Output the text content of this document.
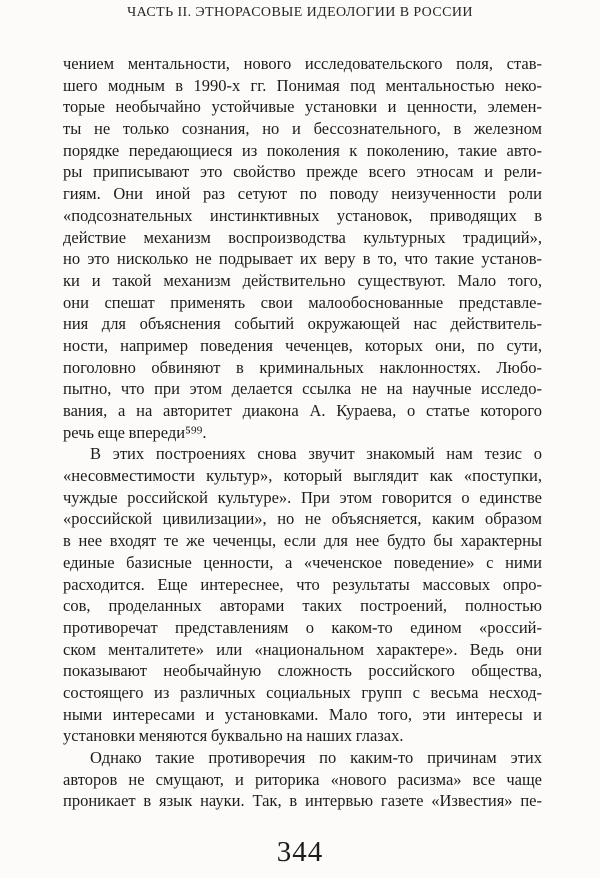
ЧАСТЬ II. ЭТНОРАСОВЫЕ ИДЕОЛОГИИ В РОССИИ
чением ментальности, нового исследовательского поля, став-
шего модным в 1990-х гг. Понимая под ментальностью неко-
торые необычайно устойчивые установки и ценности, элемен-
ты не только сознания, но и бессознательного, в железном
порядке передающиеся из поколения к поколению, такие авто-
ры приписывают это свойство прежде всего этносам и рели-
гиям. Они иной раз сетуют по поводу неизученности роли
«подсознательных инстинктивных установок, приводящих в
действие механизм воспроизводства культурных традиций»,
но это нисколько не подрывает их веру в то, что такие установ-
ки и такой механизм действительно существуют. Мало того,
они спешат применять свои малообоснованные представле-
ния для объяснения событий окружающей нас действитель-
ности, например поведения чеченцев, которых они, по сути,
поголовно обвиняют в криминальных наклонностях. Любо-
пытно, что при этом делается ссылка не на научные исследо-
вания, а на авторитет диакона А. Кураева, о статье которого
речь еще впереди⁵⁹⁹.
В этих построениях снова звучит знакомый нам тезис о
«несовместимости культур», который выглядит как «поступки,
чуждые российской культуре». При этом говорится о единстве
«российской цивилизации», но не объясняется, каким образом
в нее входят те же чеченцы, если для нее будто бы характерны
единые базисные ценности, а «чеченское поведение» с ними
расходится. Еще интереснее, что результаты массовых опро-
сов, проделанных авторами таких построений, полностью
противоречат представлениям о каком-то едином «россий-
ском менталитете» или «национальном характере». Ведь они
показывают необычайную сложность российского общества,
состоящего из различных социальных групп с весьма несход-
ными интересами и установками. Мало того, эти интересы и
установки меняются буквально на наших глазах.
Однако такие противоречия по каким-то причинам этих
авторов не смущают, и риторика «нового расизма» все чаще
проникает в язык науки. Так, в интервью газете «Известия» пе-
344
